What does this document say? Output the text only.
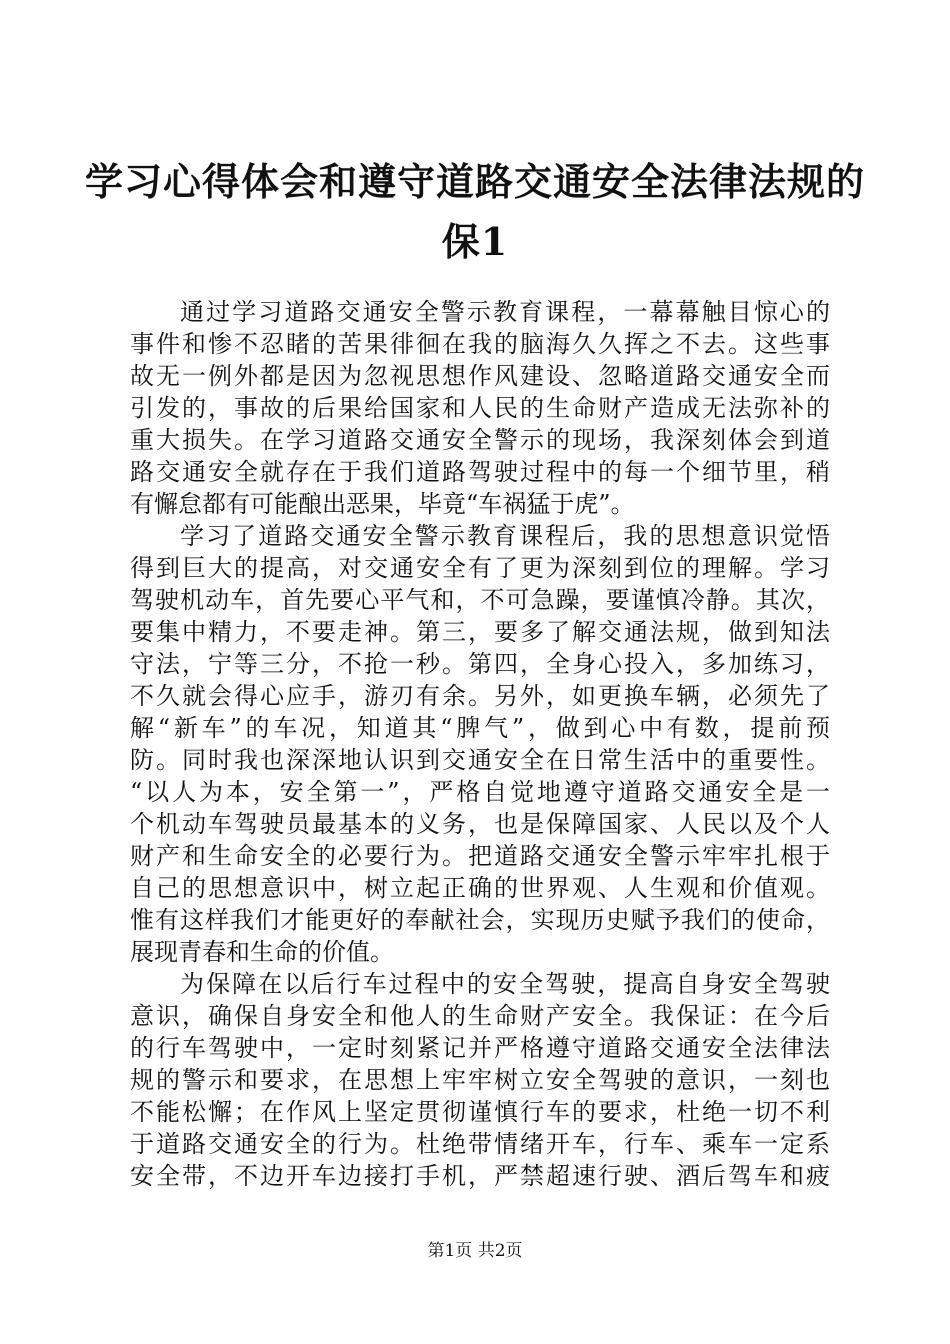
学习心得体会和遵守道路交通安全法律法规的
保1
通过学习道路交通安全警示教育课程，一幕幕触目惊心的
事件和惨不忍睹的苦果徘徊在我的脑海久久挥之不去。这些事
故无一例外都是因为忽视思想作风建设、忽略道路交通安全而
引发的，事故的后果给国家和人民的生命财产造成无法弥补的
重大损失。在学习道路交通安全警示的现场，我深刻体会到道
路交通安全就存在于我们道路驾驶过程中的每一个细节里，稍
有懈怠都有可能酿出恶果，毕竟“车祸猛于虎”。
学习了道路交通安全警示教育课程后，我的思想意识觉悟
得到巨大的提高，对交通安全有了更为深刻到位的理解。学习
驾驶机动车，首先要心平气和，不可急躁，要谨慎冷静。其次，
要集中精力，不要走神。第三，要多了解交通法规，做到知法
守法，宁等三分，不抢一秒。第四，全身心投入，多加练习，
不久就会得心应手，游刃有余。另外，如更换车辆，必须先了
解“新车”的车况，知道其“脾气”，做到心中有数，提前预
防。同时我也深深地认识到交通安全在日常生活中的重要性。
“以人为本，安全第一”，严格自觉地遵守道路交通安全是一
个机动车驾驶员最基本的义务，也是保障国家、人民以及个人
财产和生命安全的必要行为。把道路交通安全警示牢牢扎根于
自己的思想意识中，树立起正确的世界观、人生观和价值观。
惟有这样我们才能更好的奉献社会，实现历史赋予我们的使命，
展现青春和生命的价值。
为保障在以后行车过程中的安全驾驶，提高自身安全驾驶
意识，确保自身安全和他人的生命财产安全。我保证：在今后
的行车驾驶中，一定时刻紧记并严格遵守道路交通安全法律法
规的警示和要求，在思想上牢牢树立安全驾驶的意识，一刻也
不能松懈；在作风上坚定贯彻谨慎行车的要求，杜绝一切不利
于道路交通安全的行为。杜绝带情绪开车，行车、乘车一定系
安全带，不边开车边接打手机，严禁超速行驶、酒后驾车和疲
第1页 共2页
